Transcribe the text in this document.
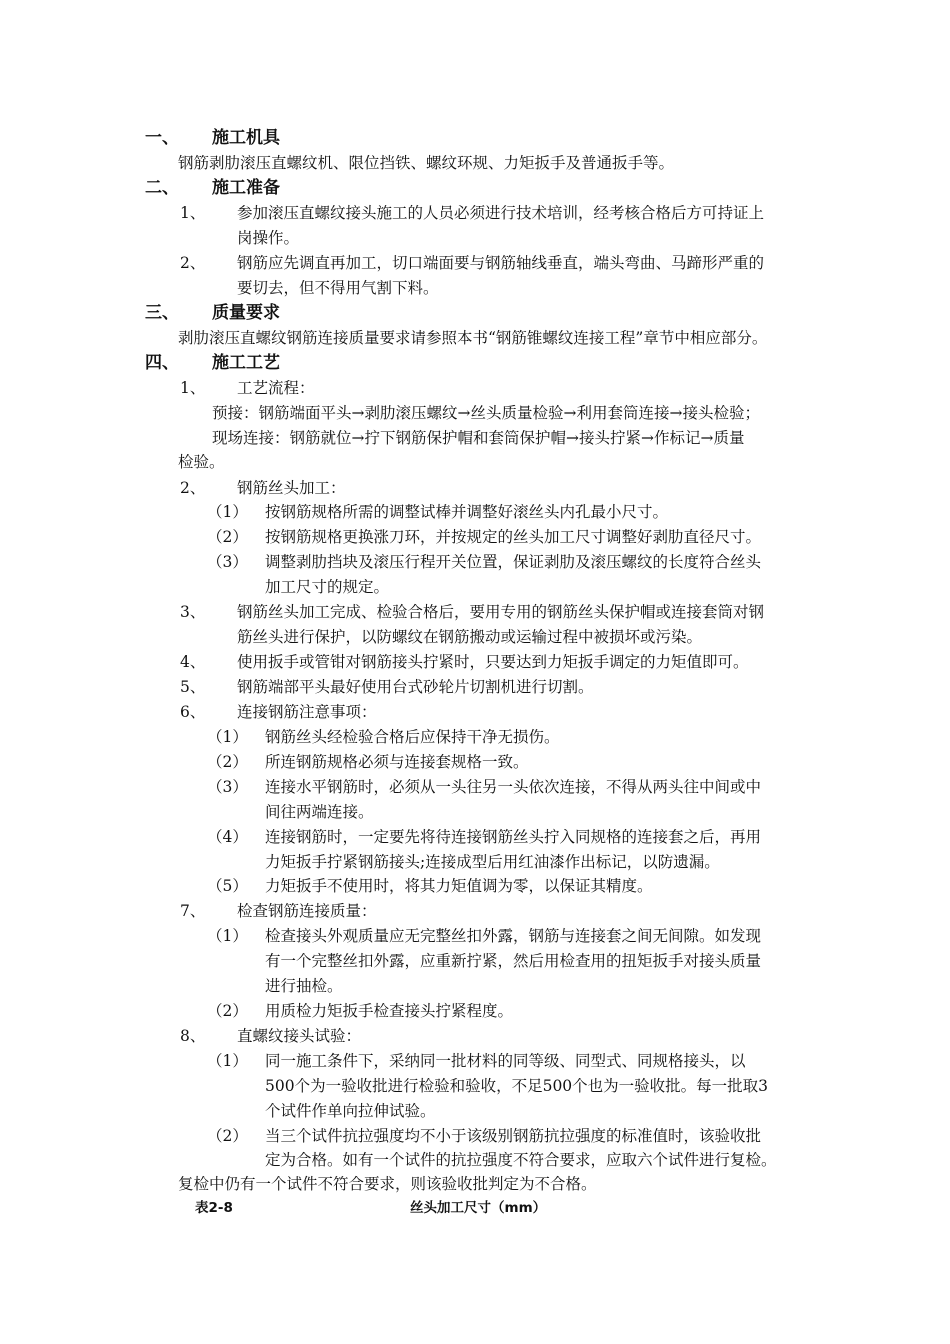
一、 施工机具
钢筋剥肋滚压直螺纹机、限位挡铁、螺纹环规、力矩扳手及普通扳手等。
二、 施工准备
1、 参加滚压直螺纹接头施工的人员必须进行技术培训，经考核合格后方可持证上
岗操作。
2、 钢筋应先调直再加工，切口端面要与钢筋轴线垂直，端头弯曲、马蹄形严重的
要切去，但不得用气割下料。
三、 质量要求
剥肋滚压直螺纹钢筋连接质量要求请参照本书“钢筋锥螺纹连接工程”章节中相应部分。
四、 施工工艺
1、 工艺流程：
预接：钢筋端面平头→剥肋滚压螺纹→丝头质量检验→利用套筒连接→接头检验；
现场连接：钢筋就位→拧下钢筋保护帽和套筒保护帽→接头拧紧→作标记→质量
检验。
2、 钢筋丝头加工：
（1） 按钢筋规格所需的调整试棒并调整好滚丝头内孔最小尺寸。
（2） 按钢筋规格更换涨刀环，并按规定的丝头加工尺寸调整好剥肋直径尺寸。
（3） 调整剥肋挡块及滚压行程开关位置，保证剥肋及滚压螺纹的长度符合丝头
加工尺寸的规定。
3、 钢筋丝头加工完成、检验合格后，要用专用的钢筋丝头保护帽或连接套筒对钢
筋丝头进行保护，以防螺纹在钢筋搬动或运输过程中被损坏或污染。
4、 使用扳手或管钳对钢筋接头拧紧时，只要达到力矩扳手调定的力矩值即可。
5、 钢筋端部平头最好使用台式砂轮片切割机进行切割。
6、 连接钢筋注意事项：
（1） 钢筋丝头经检验合格后应保持干净无损伤。
（2） 所连钢筋规格必须与连接套规格一致。
（3） 连接水平钢筋时，必须从一头往另一头依次连接，不得从两头往中间或中
间往两端连接。
（4） 连接钢筋时，一定要先将待连接钢筋丝头拧入同规格的连接套之后，再用
力矩扳手拧紧钢筋接头;连接成型后用红油漆作出标记，以防遗漏。
（5） 力矩扳手不使用时，将其力矩值调为零，以保证其精度。
7、 检查钢筋连接质量：
（1） 检查接头外观质量应无完整丝扣外露，钢筋与连接套之间无间隙。如发现
有一个完整丝扣外露，应重新拧紧，然后用检查用的扭矩扳手对接头质量
进行抽检。
（2） 用质检力矩扳手检查接头拧紧程度。
8、 直螺纹接头试验：
（1） 同一施工条件下，采纳同一批材料的同等级、同型式、同规格接头，以
500个为一验收批进行检验和验收，不足500个也为一验收批。每一批取3
个试件作单向拉伸试验。
（2） 当三个试件抗拉强度均不小于该级别钢筋抗拉强度的标准值时，该验收批
定为合格。如有一个试件的抗拉强度不符合要求，应取六个试件进行复检。
复检中仍有一个试件不符合要求，则该验收批判定为不合格。
表2-8	丝头加工尺寸（mm）
